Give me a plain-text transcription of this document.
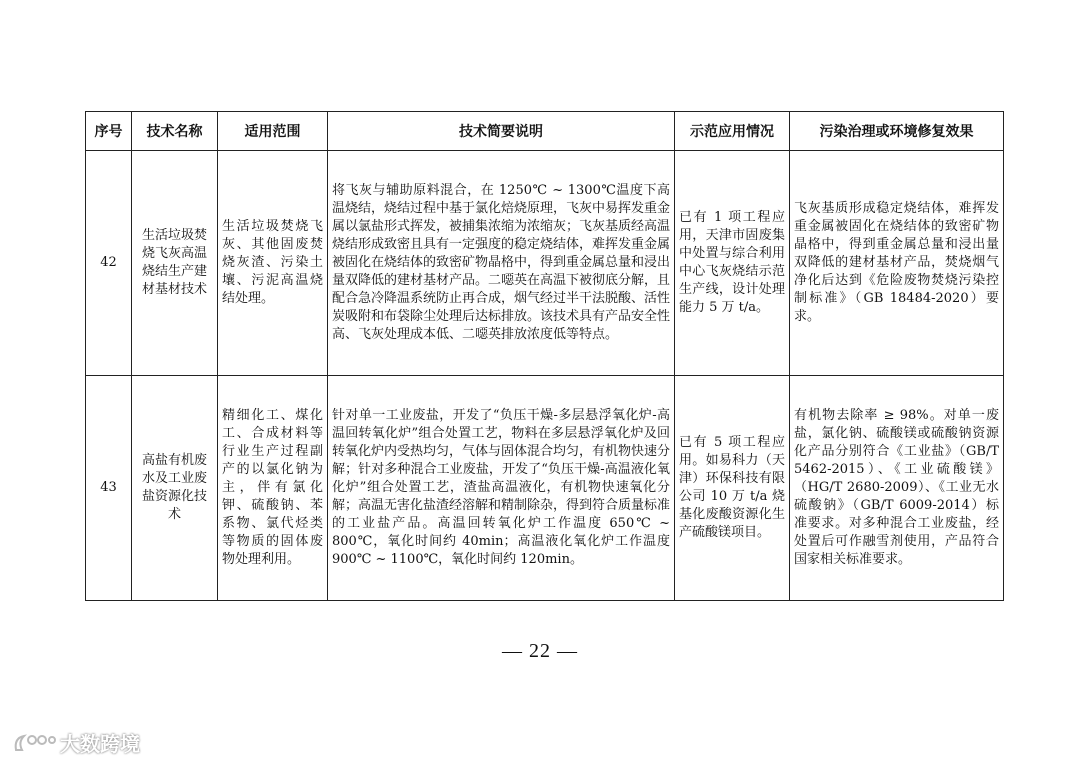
序号	技术名称	适用范围	技术简要说明	示范应用情况	污染治理或环境修复效果
42	生活垃圾焚烧飞灰高温烧结生产建材基材技术	生活垃圾焚烧飞灰、其他固废焚烧灰渣、污染土壤、污泥高温烧结处理。	将飞灰与辅助原料混合，在 1250℃ ~ 1300℃温度下高温烧结，烧结过程中基于氯化焙烧原理，飞灰中易挥发重金属以氯盐形式挥发，被捕集浓缩为浓缩灰；飞灰基质经高温烧结形成致密且具有一定强度的稳定烧结体，难挥发重金属被固化在烧结体的致密矿物晶格中，得到重金属总量和浸出量双降低的建材基材产品。二噁英在高温下被彻底分解，且配合急冷降温系统防止再合成，烟气经过半干法脱酸、活性炭吸附和布袋除尘处理后达标排放。该技术具有产品安全性高、飞灰处理成本低、二噁英排放浓度低等特点。	已有 1 项工程应用，天津市固废集中处置与综合利用中心飞灰烧结示范生产线，设计处理能力 5 万 t/a。	飞灰基质形成稳定烧结体，难挥发重金属被固化在烧结体的致密矿物晶格中，得到重金属总量和浸出量双降低的建材基材产品，焚烧烟气净化后达到《危险废物焚烧污染控制标准》（GB 18484-2020）要求。
43	高盐有机废水及工业废盐资源化技术	精细化工、煤化工、合成材料等行业生产过程副产的以氯化钠为主，伴有氯化钾、硫酸钠、苯系物、氯代烃类等物质的固体废物处理利用。	针对单一工业废盐，开发了“负压干燥-多层悬浮氧化炉-高温回转氧化炉”组合处置工艺，物料在多层悬浮氧化炉及回转氧化炉内受热均匀，气体与固体混合均匀，有机物快速分解；针对多种混合工业废盐，开发了“负压干燥-高温液化氧化炉”组合处置工艺，渣盐高温液化，有机物快速氧化分解；高温无害化盐渣经溶解和精制除杂，得到符合质量标准的工业盐产品。高温回转氧化炉工作温度 650℃ ~ 800℃，氧化时间约 40min；高温液化氧化炉工作温度 900℃ ~ 1100℃，氧化时间约 120min。	已有 5 项工程应用。如易科力（天津）环保科技有限公司 10 万 t/a 烧基化废酸资源化生产硫酸镁项目。	有机物去除率 ≥ 98%。对单一废盐，氯化钠、硫酸镁或硫酸钠资源化产品分别符合《工业盐》（GB/T 5462-2015）、《工业硫酸镁》（HG/T 2680-2009）、《工业无水硫酸钠》（GB/T 6009-2014）标准要求。对多种混合工业废盐，经处置后可作融雪剂使用，产品符合国家相关标准要求。
— 22 —
大数跨境
